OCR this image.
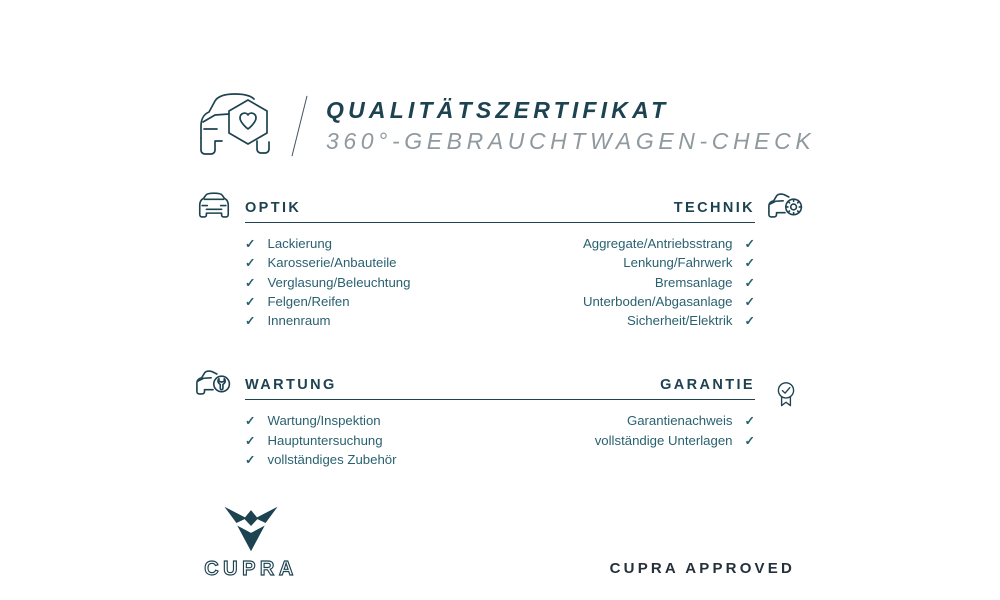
QUALITÄTSZERTIFIKAT
360°-GEBRAUCHTWAGEN-CHECK
OPTIK	TECHNIK
✓ Lackierung
✓ Karosserie/Anbauteile
✓ Verglasung/Beleuchtung
✓ Felgen/Reifen
✓ Innenraum
Aggregate/Antriebsstrang ✓
Lenkung/Fahrwerk ✓
Bremsanlage ✓
Unterboden/Abgasanlage ✓
Sicherheit/Elektrik ✓
WARTUNG	GARANTIE
✓ Wartung/Inspektion
✓ Hauptuntersuchung
✓ vollständiges Zubehör
Garantienachweis ✓
vollständige Unterlagen ✓
CUPRA	CUPRA APPROVED
